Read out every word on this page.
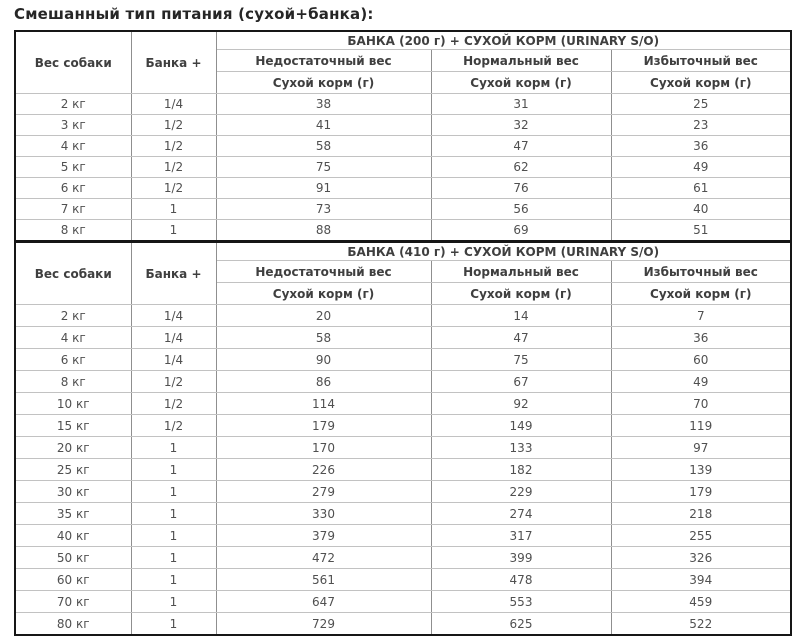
Смешанный тип питания (сухой+банка):
Вес собаки	Банка +	БАНКА (200 г) + СУХОЙ КОРМ (URINARY S/O)		
		Недостаточный вес	Нормальный вес	Избыточный вес
		Сухой корм (г)	Сухой корм (г)	Сухой корм (г)
2 кг	1/4	38	31	25
3 кг	1/2	41	32	23
4 кг	1/2	58	47	36
5 кг	1/2	75	62	49
6 кг	1/2	91	76	61
7 кг	1	73	56	40
8 кг	1	88	69	51
Вес собаки	Банка +	БАНКА (410 г) + СУХОЙ КОРМ (URINARY S/O)		
		Недостаточный вес	Нормальный вес	Избыточный вес
		Сухой корм (г)	Сухой корм (г)	Сухой корм (г)
2 кг	1/4	20	14	7
4 кг	1/4	58	47	36
6 кг	1/4	90	75	60
8 кг	1/2	86	67	49
10 кг	1/2	114	92	70
15 кг	1/2	179	149	119
20 кг	1	170	133	97
25 кг	1	226	182	139
30 кг	1	279	229	179
35 кг	1	330	274	218
40 кг	1	379	317	255
50 кг	1	472	399	326
60 кг	1	561	478	394
70 кг	1	647	553	459
80 кг	1	729	625	522
